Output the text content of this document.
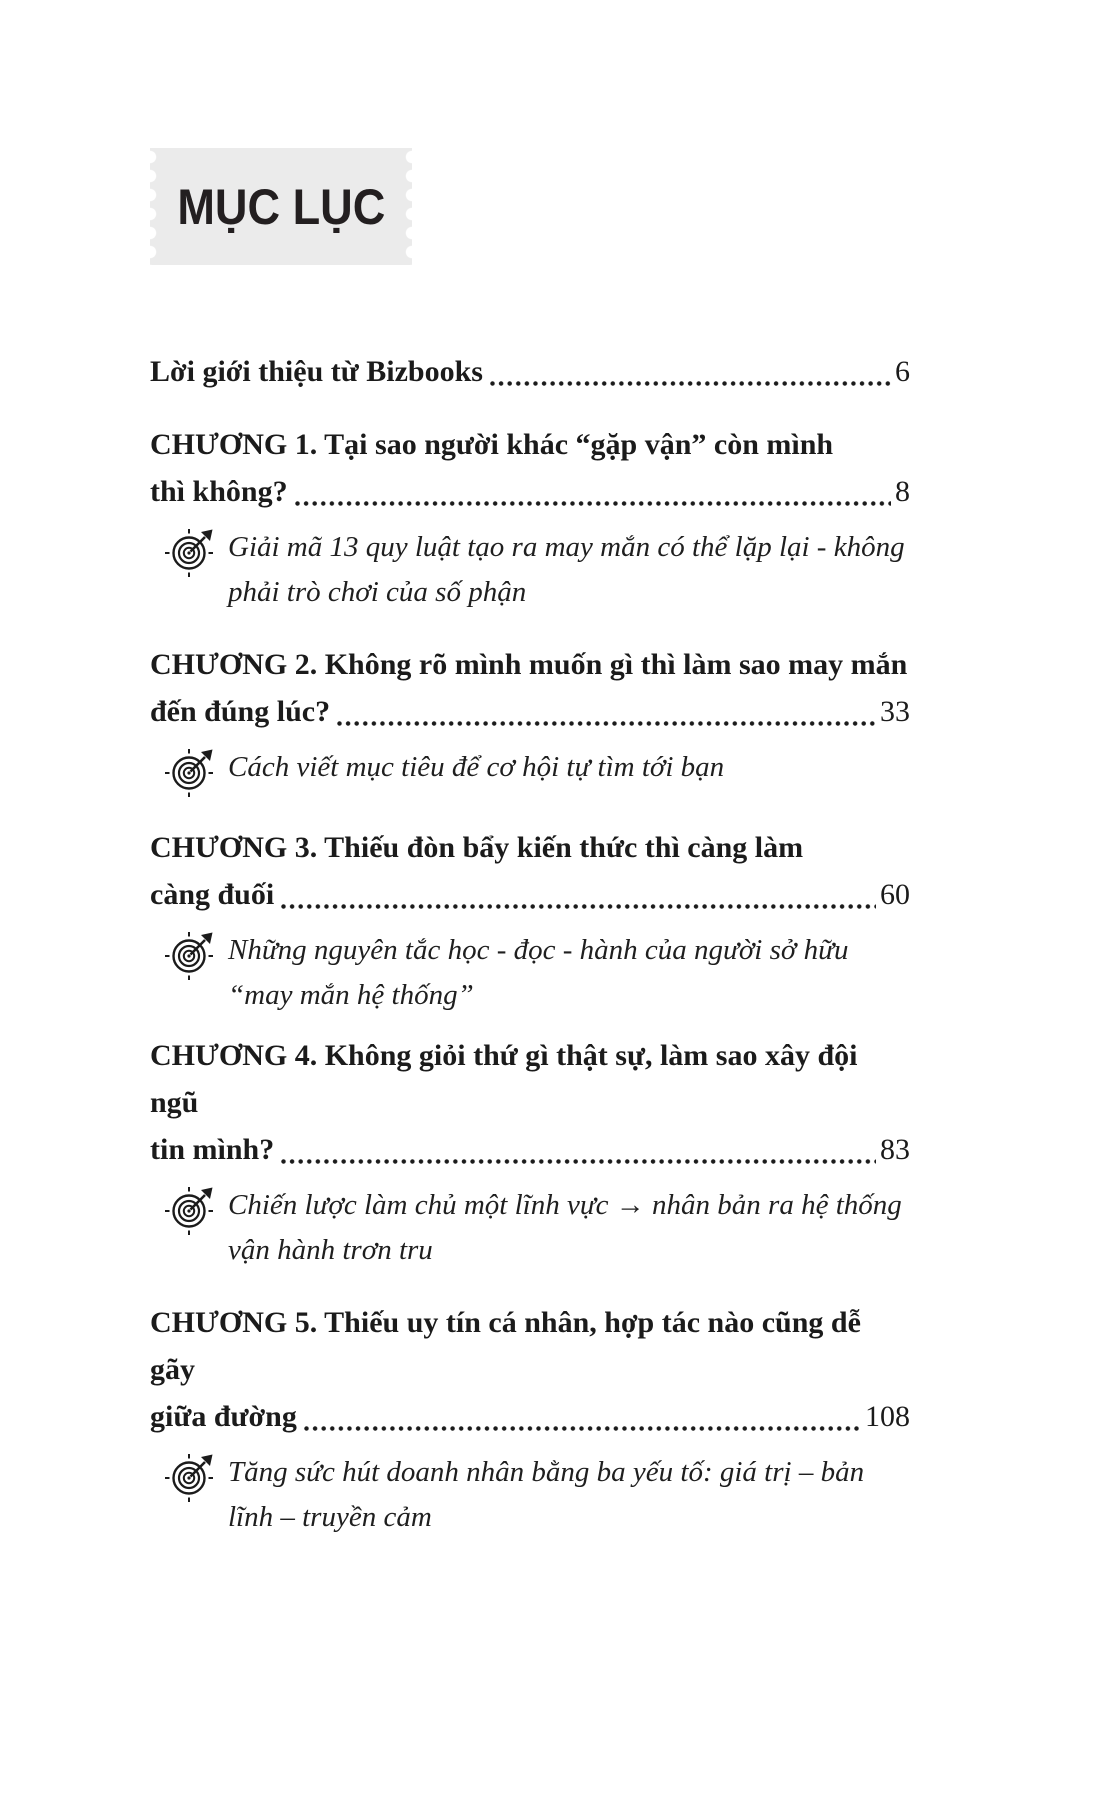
MỤC LỤC
Lời giới thiệu từ Bizbooks	6
CHƯƠNG 1. Tại sao người khác “gặp vận” còn mình
thì không?	8
Giải mã 13 quy luật tạo ra may mắn có thể lặp lại - không phải trò chơi của số phận
CHƯƠNG 2. Không rõ mình muốn gì thì làm sao may mắn
đến đúng lúc?	33
Cách viết mục tiêu để cơ hội tự tìm tới bạn
CHƯƠNG 3. Thiếu đòn bẩy kiến thức thì càng làm
càng đuối	60
Những nguyên tắc học - đọc - hành của người sở hữu “may mắn hệ thống”
CHƯƠNG 4. Không giỏi thứ gì thật sự, làm sao xây đội ngũ
tin mình?	83
Chiến lược làm chủ một lĩnh vực → nhân bản ra hệ thống vận hành trơn tru
CHƯƠNG 5. Thiếu uy tín cá nhân, hợp tác nào cũng dễ gãy
giữa đường	108
Tăng sức hút doanh nhân bằng ba yếu tố: giá trị – bản lĩnh – truyền cảm
